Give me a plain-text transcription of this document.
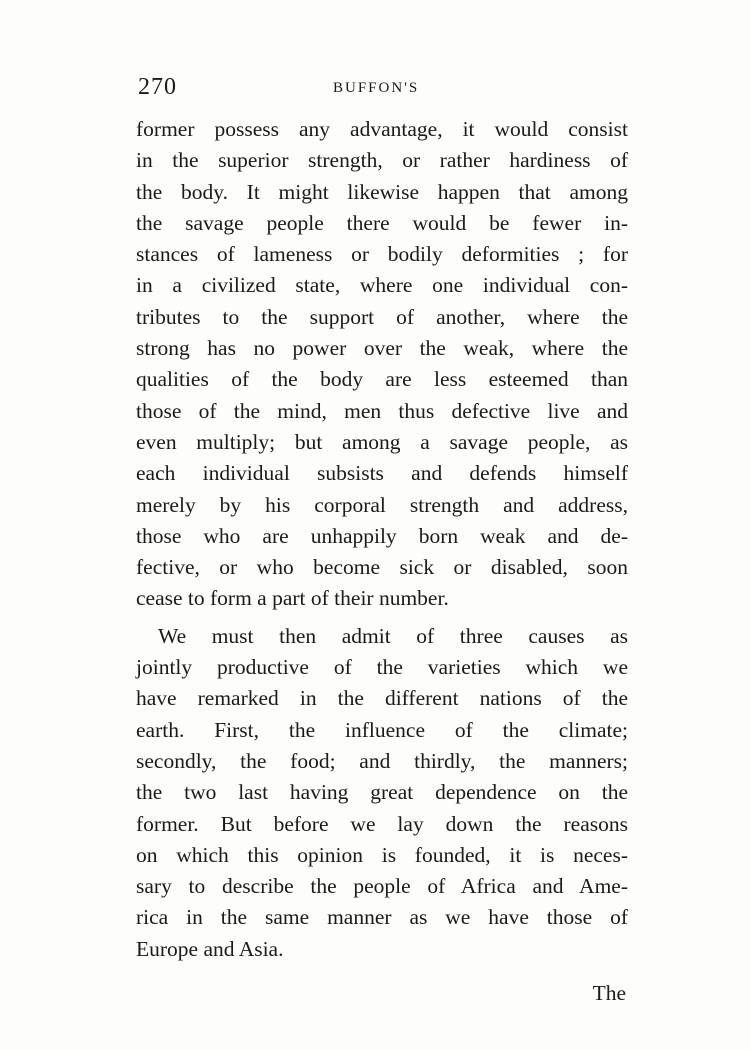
270	BUFFON'S
former possess any advantage, it would consist
in the superior strength, or rather hardiness of
the body. It might likewise happen that among
the savage people there would be fewer in-
stances of lameness or bodily deformities ; for
in a civilized state, where one individual con-
tributes to the support of another, where the
strong has no power over the weak, where the
qualities of the body are less esteemed than
those of the mind, men thus defective live and
even multiply; but among a savage people, as
each individual subsists and defends himself
merely by his corporal strength and address,
those who are unhappily born weak and de-
fective, or who become sick or disabled, soon
cease to form a part of their number.
We must then admit of three causes as
jointly productive of the varieties which we
have remarked in the different nations of the
earth. First, the influence of the climate;
secondly, the food; and thirdly, the manners;
the two last having great dependence on the
former. But before we lay down the reasons
on which this opinion is founded, it is neces-
sary to describe the people of Africa and Ame-
rica in the same manner as we have those of
Europe and Asia.
The
